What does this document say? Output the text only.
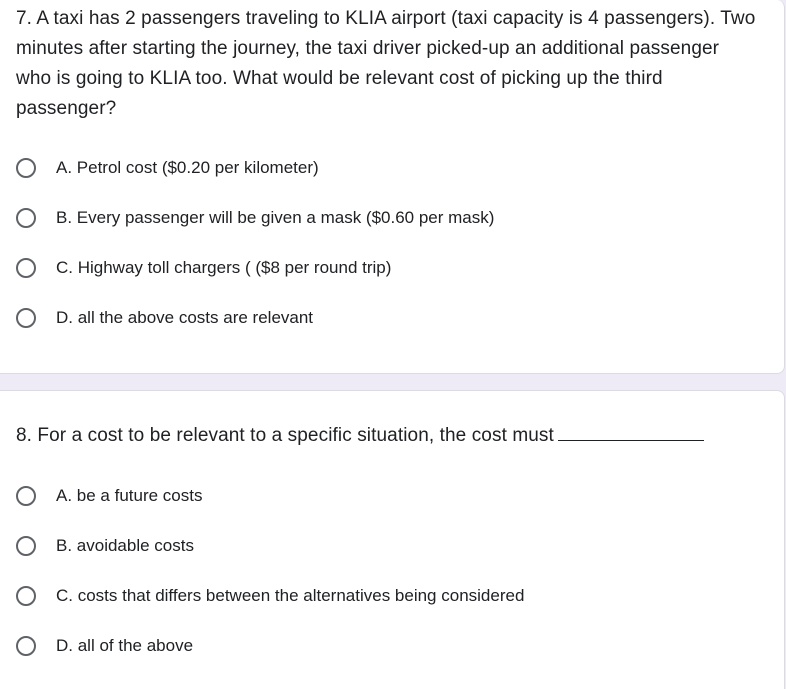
7. A taxi has 2 passengers traveling to KLIA airport (taxi capacity is 4 passengers). Two minutes after starting the journey, the taxi driver picked-up an additional passenger who is going to KLIA too. What would be relevant cost of picking up the third passenger?

A. Petrol cost ($0.20 per kilometer)
B. Every passenger will be given a mask ($0.60 per mask)
C. Highway toll chargers ( ($8 per round trip)
D. all the above costs are relevant

8. For a cost to be relevant to a specific situation, the cost must

A. be a future costs
B. avoidable costs
C. costs that differs between the alternatives being considered
D. all of the above
